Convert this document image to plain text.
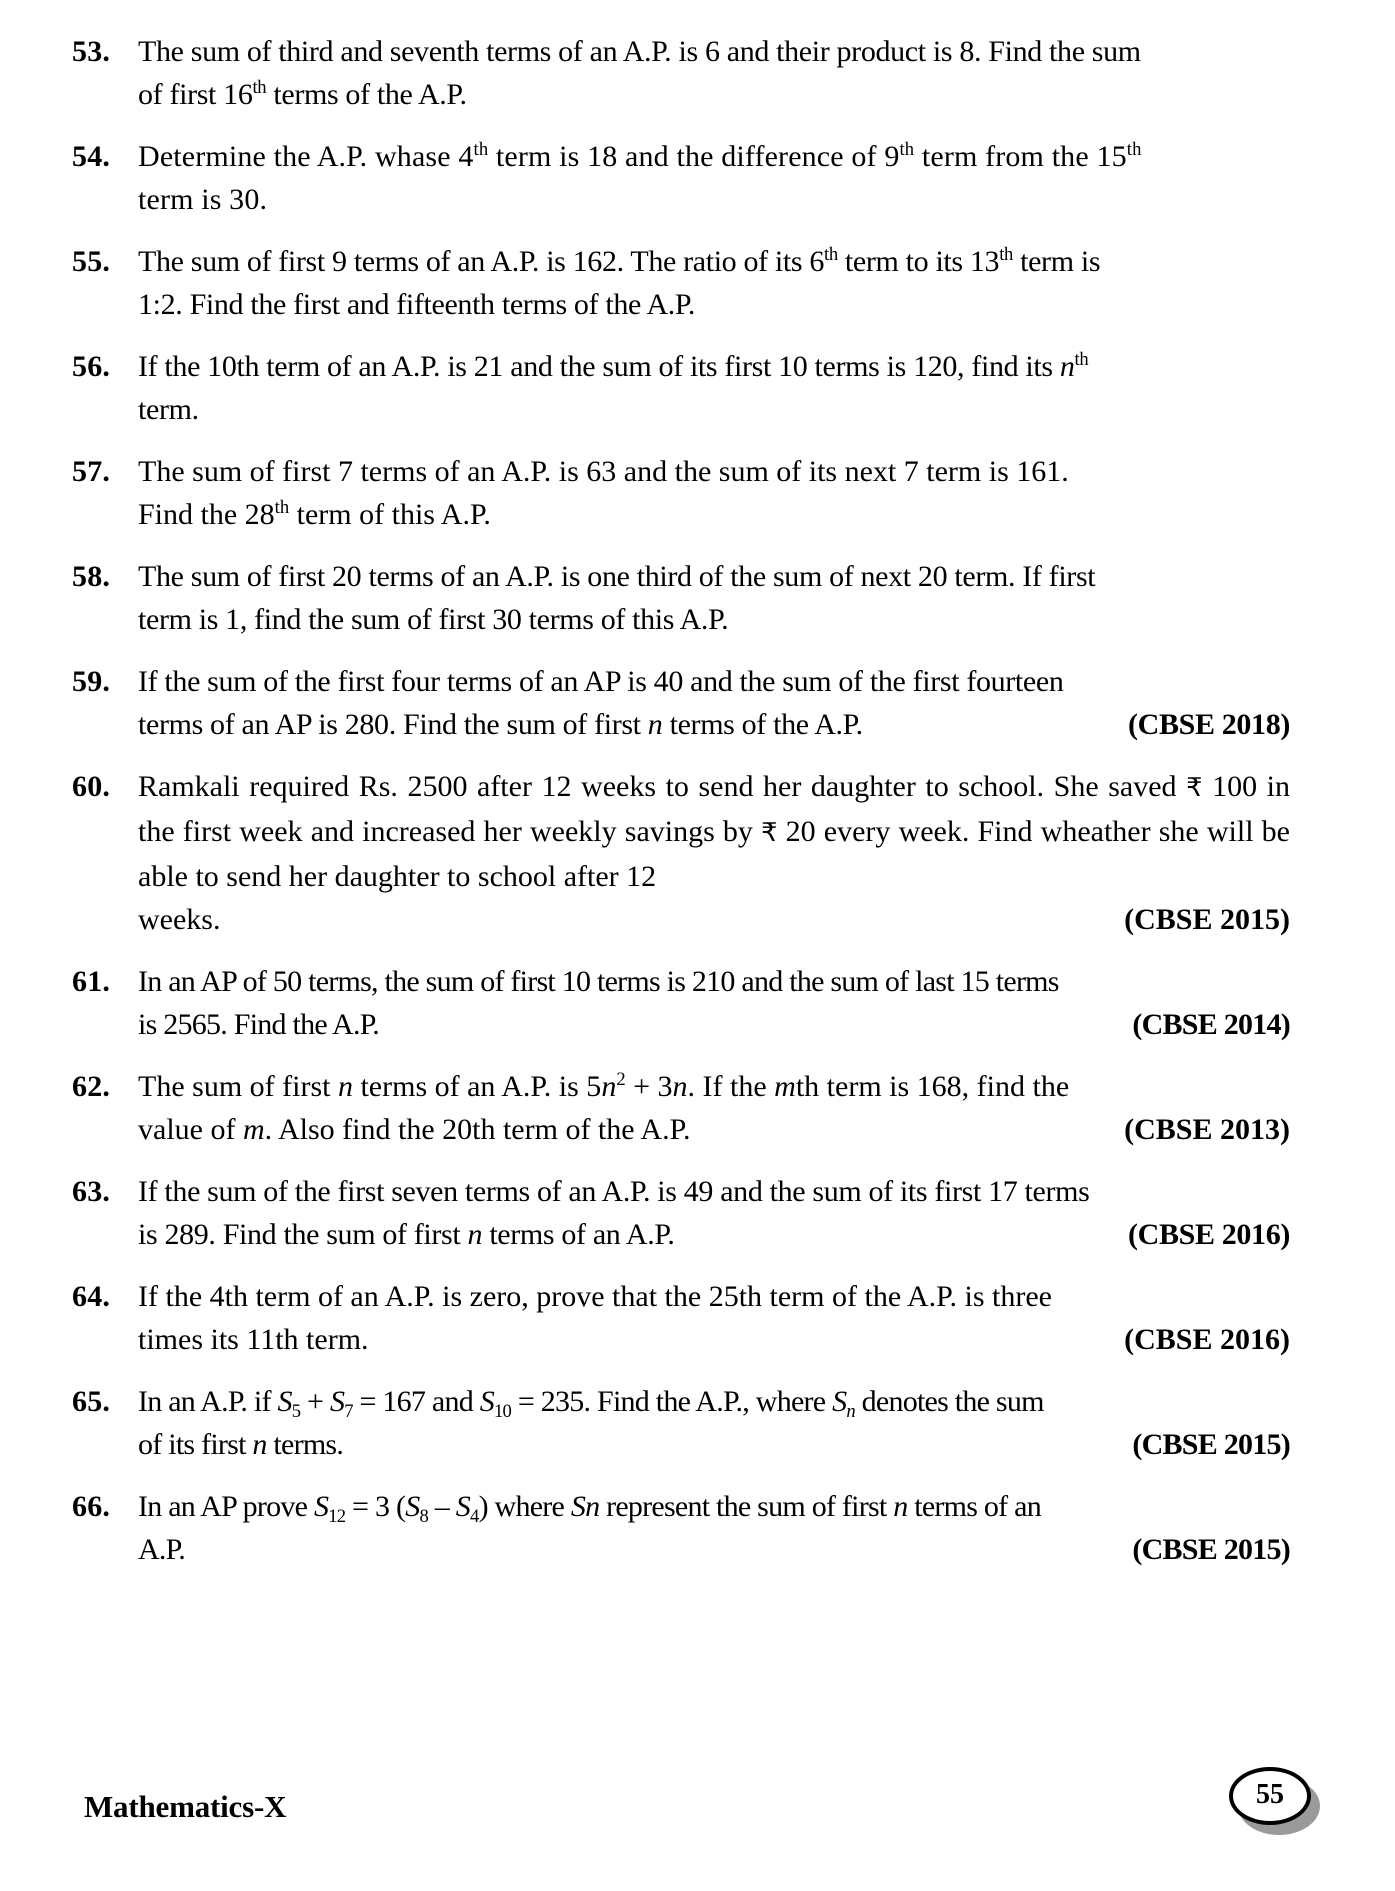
53. The sum of third and seventh terms of an A.P. is 6 and their product is 8. Find the sum
of first 16th terms of the A.P.
54. Determine the A.P. whase 4th term is 18 and the difference of 9th term from the 15th
term is 30.
55. The sum of first 9 terms of an A.P. is 162. The ratio of its 6th term to its 13th term is
1:2. Find the first and fifteenth terms of the A.P.
56. If the 10th term of an A.P. is 21 and the sum of its first 10 terms is 120, find its $n^{th}$
term.
57. The sum of first 7 terms of an A.P. is 63 and the sum of its next 7 term is 161.
Find the 28th term of this A.P.
58. The sum of first 20 terms of an A.P. is one third of the sum of next 20 term. If first
term is 1, find the sum of first 30 terms of this A.P.
59. If the sum of the first four terms of an AP is 40 and the sum of the first fourteen
terms of an AP is 280. Find the sum of first n terms of the A.P.	(CBSE 2018)
60. Ramkali required Rs. 2500 after 12 weeks to send her daughter to school. She saved ₹ 100 in the first week and increased her weekly savings by ₹ 20 every week. Find wheather she will be able to send her daughter to school after 12
weeks.	(CBSE 2015)
61. In an AP of 50 terms, the sum of first 10 terms is 210 and the sum of last 15 terms
is 2565. Find the A.P.	(CBSE 2014)
62. The sum of first n terms of an A.P. is $5n^2 + 3n$. If the mth term is 168, find the
value of m. Also find the 20th term of the A.P.	(CBSE 2013)
63. If the sum of the first seven terms of an A.P. is 49 and the sum of its first 17 terms
is 289. Find the sum of first n terms of an A.P.	(CBSE 2016)
64. If the 4th term of an A.P. is zero, prove that the 25th term of the A.P. is three
times its 11th term.	(CBSE 2016)
65. In an A.P. if $S_5 + S_7 = 167$ and $S_{10} = 235$. Find the A.P., where $S_n$ denotes the sum
of its first n terms.	(CBSE 2015)
66. In an AP prove $S_{12} = 3$ $(S_8 - S_4)$ where Sn represent the sum of first n terms of an
A.P.	(CBSE 2015)
Mathematics-X	55
